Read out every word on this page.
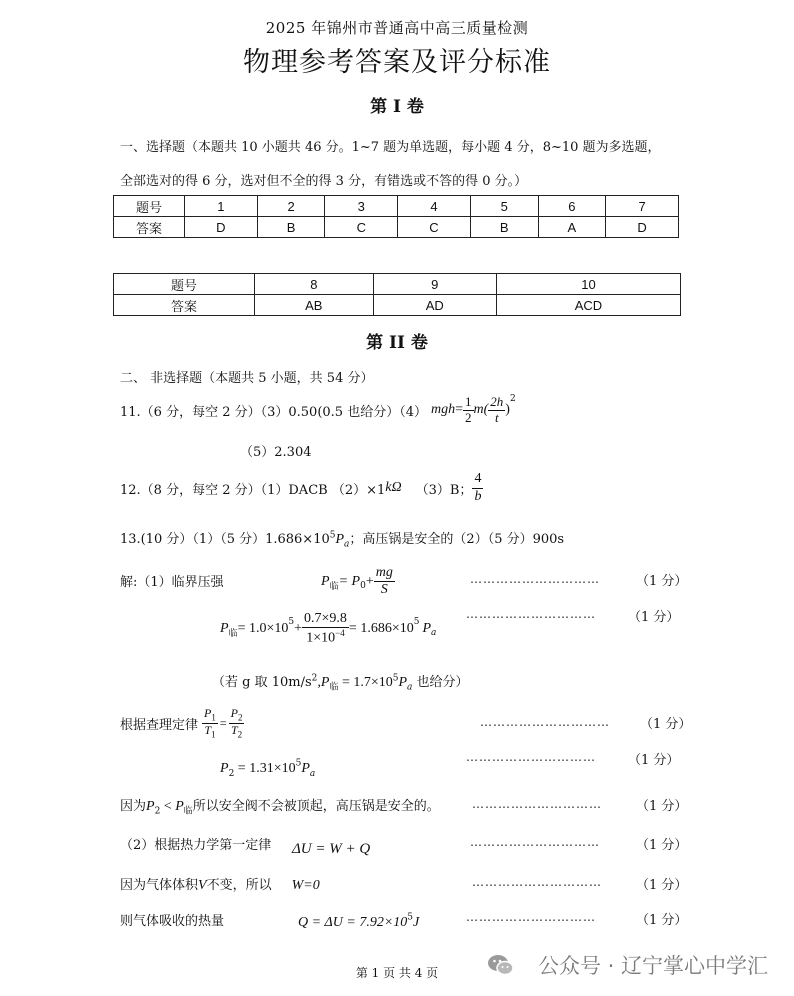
2025 年锦州市普通高中高三质量检测
物理参考答案及评分标准
第 I 卷
一、选择题（本题共 10 小题共 46 分。1~7 题为单选题，每小题 4 分，8~10 题为多选题，
全部选对的得 6 分，选对但不全的得 3 分，有错选或不答的得 0 分。）
题号	1	2	3	4	5	6	7
答案	D	B	C	C	B	A	D
题号	8	9	10
答案	AB	AD	ACD
第 II 卷
二、 非选择题（本题共 5 小题，共 54 分）
11.（6 分，每空 2 分）（3）0.50(0.5 也给分）（4） mgh = $\frac{1}{2} m( \frac{2h}{t}$ )
$^2$
（5）2.304
12.（8 分，每空 2 分）（1）DACB （2）×1 kΩ （3）B； $\frac{4}{b}$
13.(10 分）（1）（5 分）$1.686\times 10^5P_a$；高压锅是安全的（2）（5 分）900s
解:（1）临界压强	$P_临 = P_0 + \frac{mg}{S}$	…………………………	（1 分）
………………………… （1 分）
$P_临 = 1.0\times 10^5 + \frac{0.7\times 9.8}{1\times 10^{-4}} = 1.686\times 10^5$ $P_a$
（若 g 取 $10m/s^2,P_临 = 1.7\times 10^5P_a$ 也给分）
根据查理定律 $\frac{P_1}{T_1} = \frac{P_2}{T_2}$	………………………… （1 分）
$P_2 = 1.31\times 10^5P_a$
………………………… （1 分）
因为$P_2 < P_临$所以安全阀不会被顶起，高压锅是安全的。	…………………………	（1 分）
（2）根据热力学第一定律 ΔU = W + Q	…………………………	（1 分）
因为气体体积V不变，所以 W=0	…………………………	（1 分）
则气体吸收的热量	$Q = \Delta U = 7.92\times 10^5J$	…………………………	（1 分）
第 1 页 共 4 页	公众号 · 辽宁掌心中学汇
